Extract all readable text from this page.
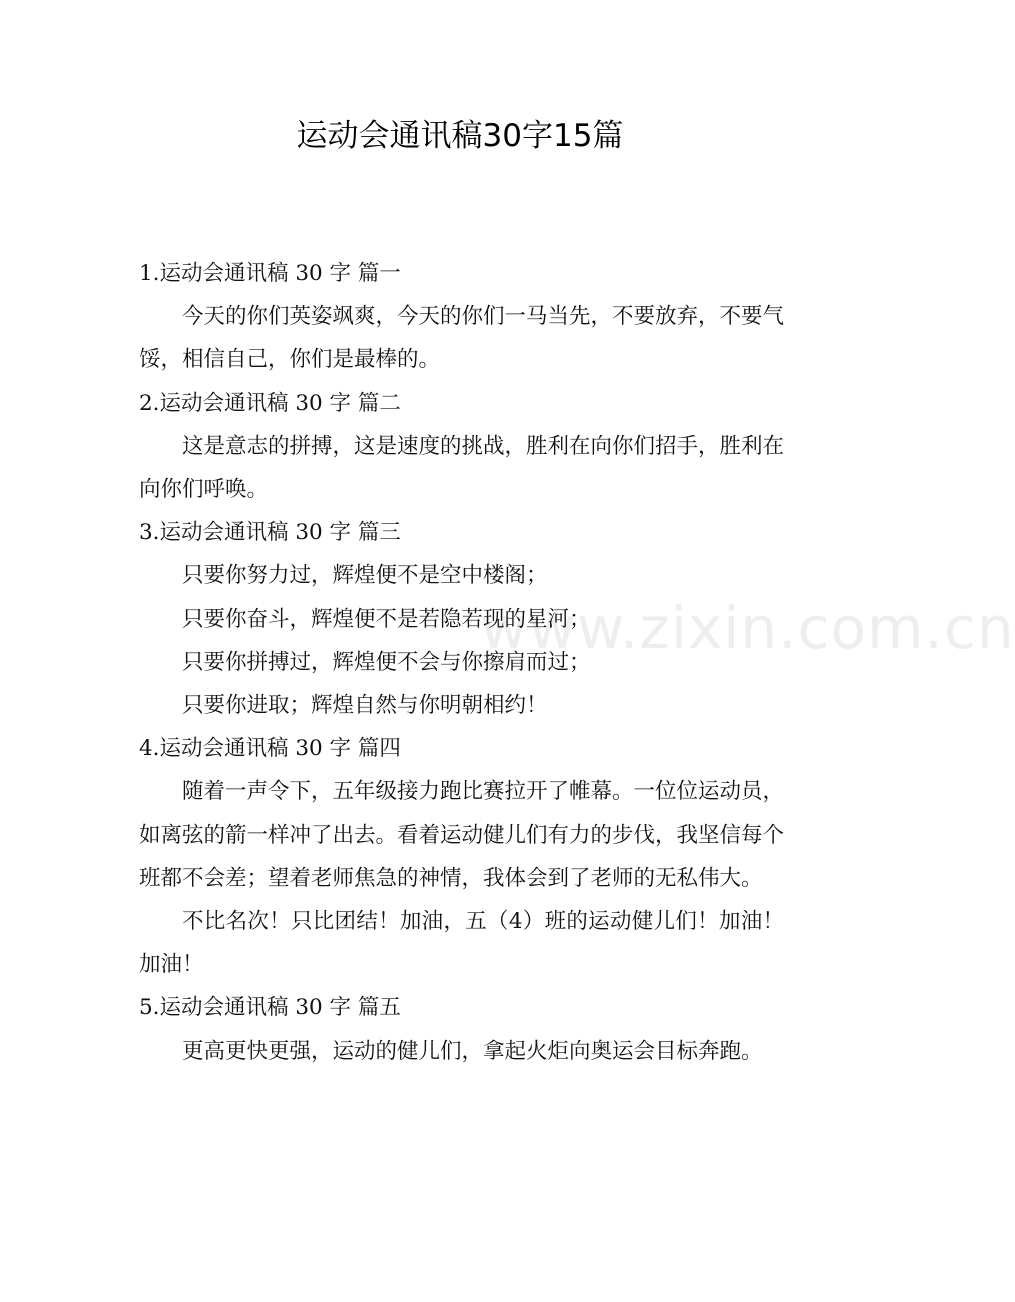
运动会通讯稿30字15篇
www.zixin.com.cn

1.运动会通讯稿 30 字 篇一

今天的你们英姿飒爽，今天的你们一马当先，不要放弃，不要气馁，相信自己，你们是最棒的。

2.运动会通讯稿 30 字 篇二

这是意志的拼搏，这是速度的挑战，胜利在向你们招手，胜利在向你们呼唤。

3.运动会通讯稿 30 字 篇三

只要你努力过，辉煌便不是空中楼阁；

只要你奋斗，辉煌便不是若隐若现的星河；

只要你拼搏过，辉煌便不会与你擦肩而过；

只要你进取；辉煌自然与你明朝相约！

4.运动会通讯稿 30 字 篇四

随着一声令下，五年级接力跑比赛拉开了帷幕。一位位运动员，如离弦的箭一样冲了出去。看着运动健儿们有力的步伐，我坚信每个班都不会差；望着老师焦急的神情，我体会到了老师的无私伟大。

不比名次！只比团结！加油，五（4）班的运动健儿们！加油！加油！

5.运动会通讯稿 30 字 篇五

更高更快更强，运动的健儿们，拿起火炬向奥运会目标奔跑。
